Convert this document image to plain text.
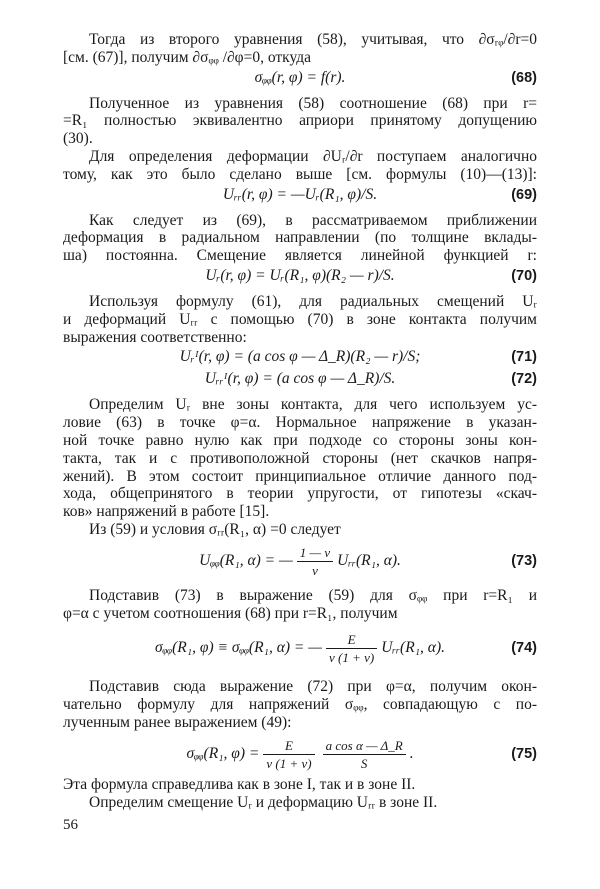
Тогда из второго уравнения (58), учитывая, что ∂σᵣᵩ/∂r=0
[см. (67)], получим ∂σᵩᵩ /∂φ=0, откуда
σᵩᵩ(r, φ) = f(r).	(68)
Полученное из уравнения (58) соотношение (68) при r=
=R₁ полностью эквивалентно априори принятому допущению
(30).
Для определения деформации ∂Uᵣ/∂r поступаем аналогично
тому, как это было сделано выше [см. формулы (10)—(13)]:
Uᵣᵣ(r, φ) = —Uᵣ(R₁, φ)/S.	(69)
Как следует из (69), в рассматриваемом приближении
деформация в радиальном направлении (по толщине вклады-
ша) постоянна. Смещение является линейной функцией r:
Uᵣ(r, φ) = Uᵣ(R₁, φ)(R₂ — r)/S.	(70)
Используя формулу (61), для радиальных смещений Uᵣ
и деформаций Uᵣᵣ с помощью (70) в зоне контакта получим
выражения соответственно:
Uᵣᴵ(r, φ) = (a cos φ — Δ_R)(R₂ — r)/S;	(71)
Uᵣᵣᴵ(r, φ) = (a cos φ — Δ_R)/S.	(72)
Определим Uᵣ вне зоны контакта, для чего используем ус-
ловие (63) в точке φ=α. Нормальное напряжение в указан-
ной точке равно нулю как при подходе со стороны зоны кон-
такта, так и с противоположной стороны (нет скачков напря-
жений). В этом состоит принципиальное отличие данного под-
хода, общепринятого в теории упругости, от гипотезы «скач-
ков» напряжений в работе [15].
Из (59) и условия σᵣᵣ(R₁, α) =0 следует
Uᵩᵩ(R₁, α) = — $\frac{1 — \nu}{\nu}$ Uᵣᵣ(R₁, α).	(73)
Подставив (73) в выражение (59) для σᵩᵩ при r=R₁ и
φ=α с учетом соотношения (68) при r=R₁, получим
σᵩᵩ(R₁, φ) ≡ σᵩᵩ(R₁, α) = — $\frac{E}{\nu (1 + \nu)}$ Uᵣᵣ(R₁, α).	(74)
Подставив сюда выражение (72) при φ=α, получим окон-
чательно формулу для напряжений σᵩᵩ, совпадающую с по-
лученным ранее выражением (49):
σᵩᵩ(R₁, $\varphi) = \frac{E}{\nu (1 + \nu)} \frac{\text{a cos α — Δ\_R}}{S}$ .	(75)
Эта формула справедлива как в зоне I, так и в зоне II.
Определим смещение Uᵣ и деформацию Uᵣᵣ в зоне II.
56
